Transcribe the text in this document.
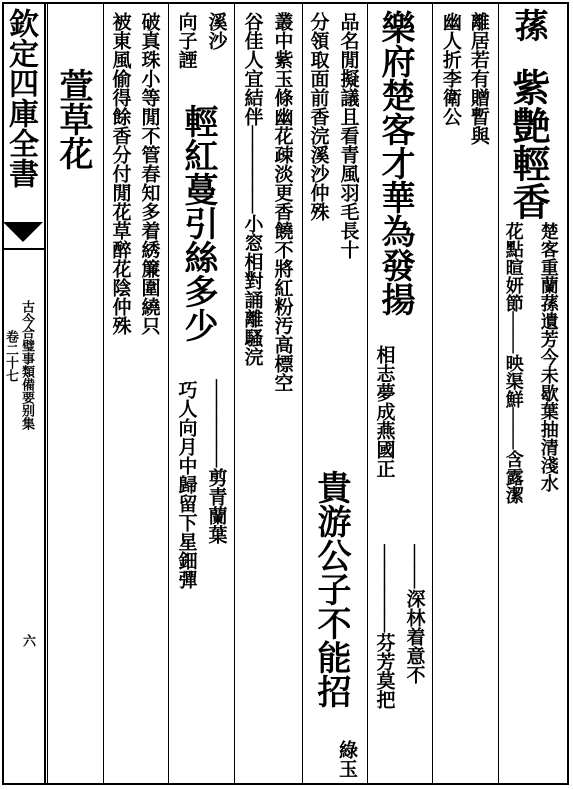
欽定四庫全書
古今合璧事類備要别集
卷二十七
六
蓀
紫艶輕香
楚客重蘭蓀遺芳今未歇葉抽清淺水
花點暄妍節││映渠鮮││含露潔
離居若有贈暫與
幽人折李衛公
樂府楚客才華為發揚
相志夢成燕國正
││深林着意不
││││芬芳莫把
品名閒擬議且看青風羽毛長十
分領取面前香浣溪沙仲殊
貴游公子不能招
綠玉
叢中紫玉條幽花疎淡更香饒不將紅粉汚高標空
谷佳人宜結伴││││小窓相對誦離騷浣
溪沙
向子諲
輕紅蔓引絲多少
││││剪青蘭葉
巧人向月中歸留下星鈿彈
破真珠小等閒不管春知多着綉簾圍繞只
被東風偷得餘香分付閒花草醉花陰仲殊
萱草花
